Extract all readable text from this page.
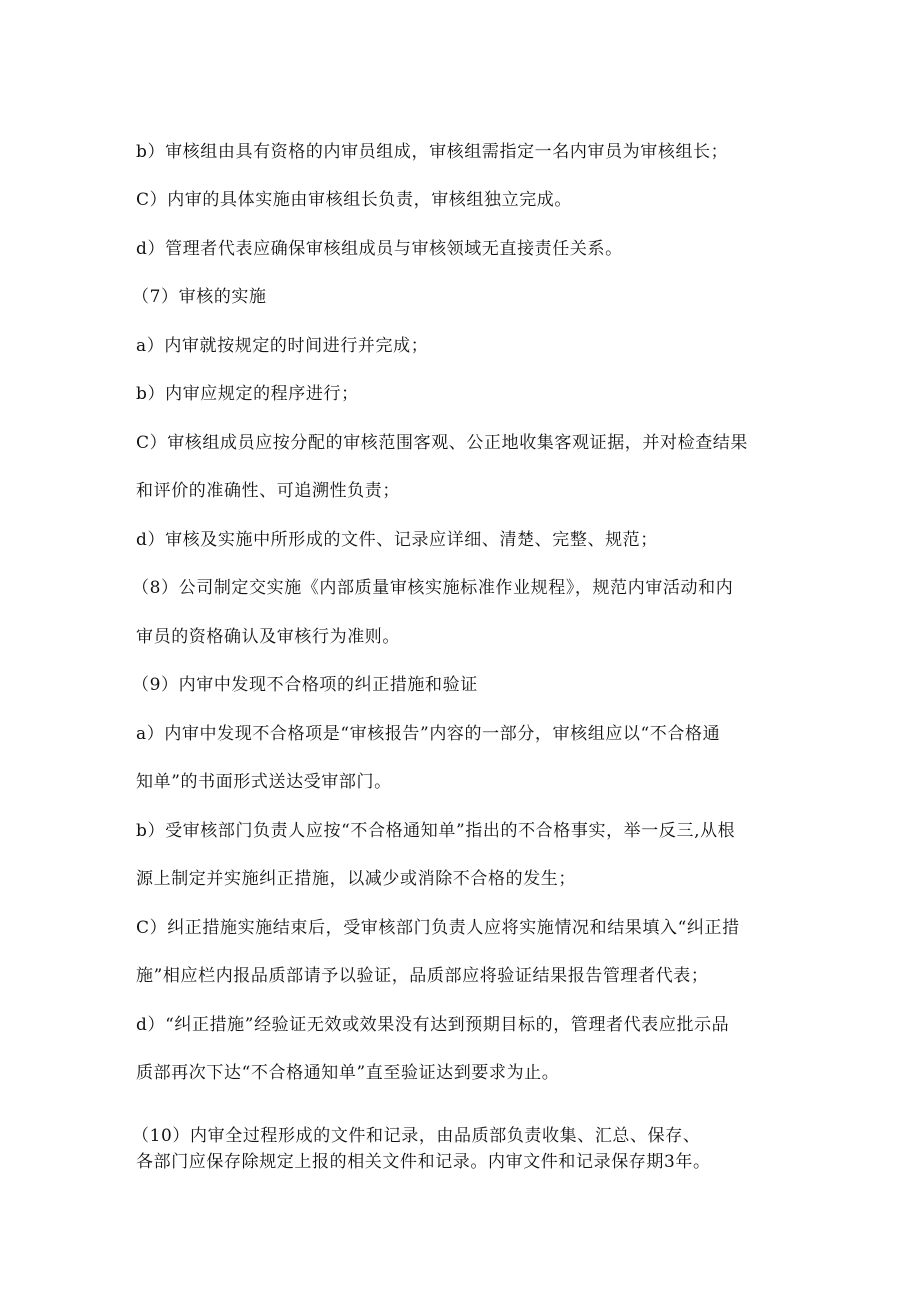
b）审核组由具有资格的内审员组成，审核组需指定一名内审员为审核组长；

C）内审的具体实施由审核组长负责，审核组独立完成。

d）管理者代表应确保审核组成员与审核领域无直接责任关系。

（7）审核的实施

a）内审就按规定的时间进行并完成；

b）内审应规定的程序进行；

C）审核组成员应按分配的审核范围客观、公正地收集客观证据，并对检查结果

和评价的准确性、可追溯性负责；

d）审核及实施中所形成的文件、记录应详细、清楚、完整、规范；

（8）公司制定交实施《内部质量审核实施标准作业规程》，规范内审活动和内

审员的资格确认及审核行为准则。

（9）内审中发现不合格项的纠正措施和验证

a）内审中发现不合格项是“审核报告”内容的一部分，审核组应以“不合格通

知单”的书面形式送达受审部门。

b）受审核部门负责人应按“不合格通知单”指出的不合格事实，举一反三,从根

源上制定并实施纠正措施，以减少或消除不合格的发生；

C）纠正措施实施结束后，受审核部门负责人应将实施情况和结果填入“纠正措

施”相应栏内报品质部请予以验证，品质部应将验证结果报告管理者代表；

d）“纠正措施”经验证无效或效果没有达到预期目标的，管理者代表应批示品

质部再次下达“不合格通知单”直至验证达到要求为止。

（10）内审全过程形成的文件和记录，由品质部负责收集、汇总、保存、

各部门应保存除规定上报的相关文件和记录。内审文件和记录保存期3年。
